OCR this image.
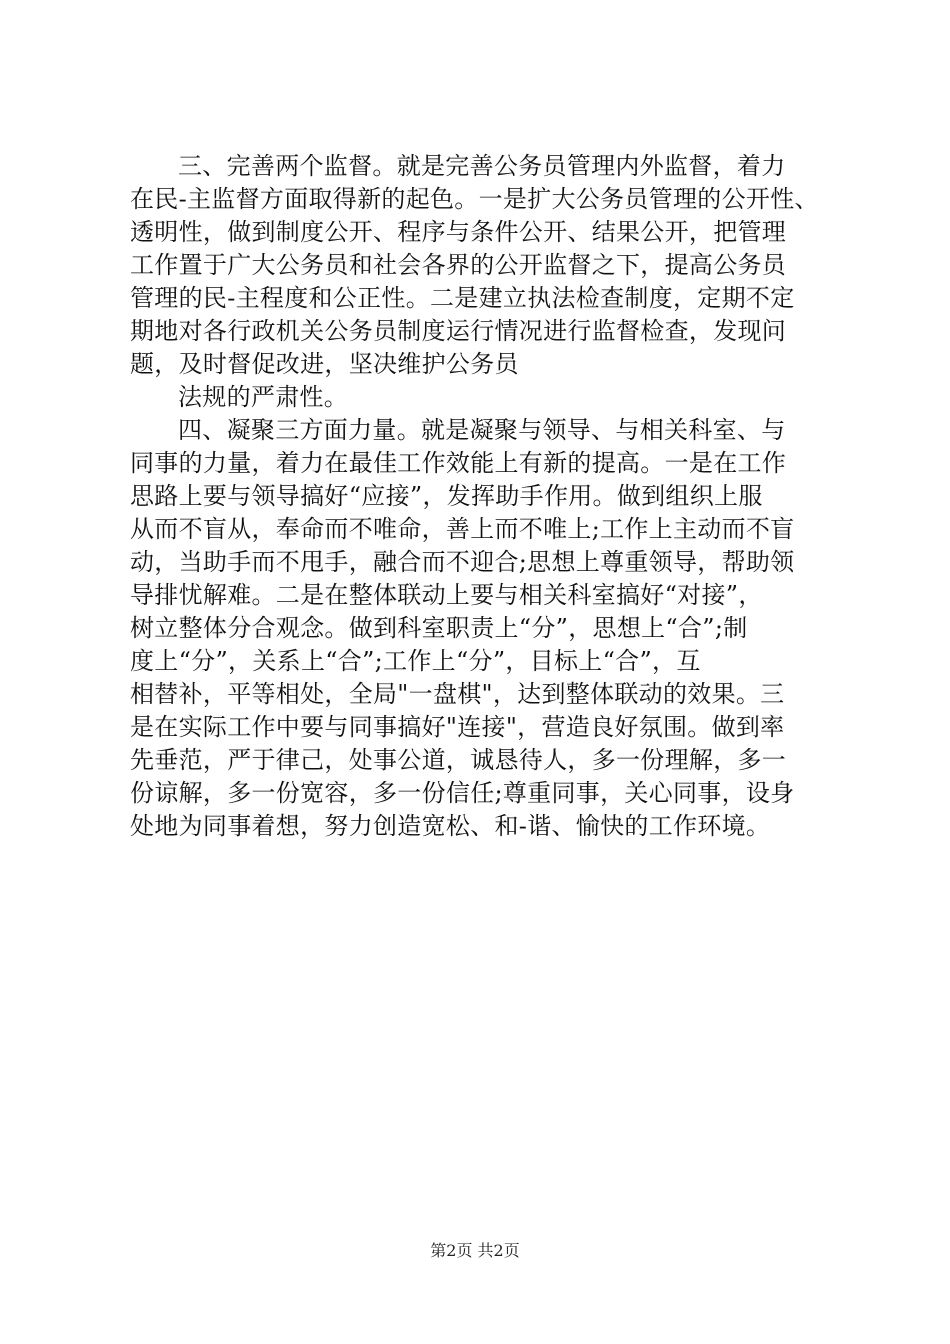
三、完善两个监督。就是完善公务员管理内外监督，着力
在民-主监督方面取得新的起色。一是扩大公务员管理的公开性、
透明性，做到制度公开、程序与条件公开、结果公开，把管理
工作置于广大公务员和社会各界的公开监督之下，提高公务员
管理的民-主程度和公正性。二是建立执法检查制度，定期不定
期地对各行政机关公务员制度运行情况进行监督检查，发现问
题，及时督促改进，坚决维护公务员
法规的严肃性。
四、凝聚三方面力量。就是凝聚与领导、与相关科室、与
同事的力量，着力在最佳工作效能上有新的提高。一是在工作
思路上要与领导搞好“应接”，发挥助手作用。做到组织上服
从而不盲从，奉命而不唯命，善上而不唯上;工作上主动而不盲
动，当助手而不甩手，融合而不迎合;思想上尊重领导，帮助领
导排忧解难。二是在整体联动上要与相关科室搞好“对接”，
树立整体分合观念。做到科室职责上“分”，思想上“合”;制
度上“分”，关系上“合”;工作上“分”，目标上“合”，互
相替补，平等相处，全局"一盘棋"，达到整体联动的效果。三
是在实际工作中要与同事搞好"连接"，营造良好氛围。做到率
先垂范，严于律己，处事公道，诚恳待人，多一份理解，多一
份谅解，多一份宽容，多一份信任;尊重同事，关心同事，设身
处地为同事着想，努力创造宽松、和-谐、愉快的工作环境。
第2页 共2页
